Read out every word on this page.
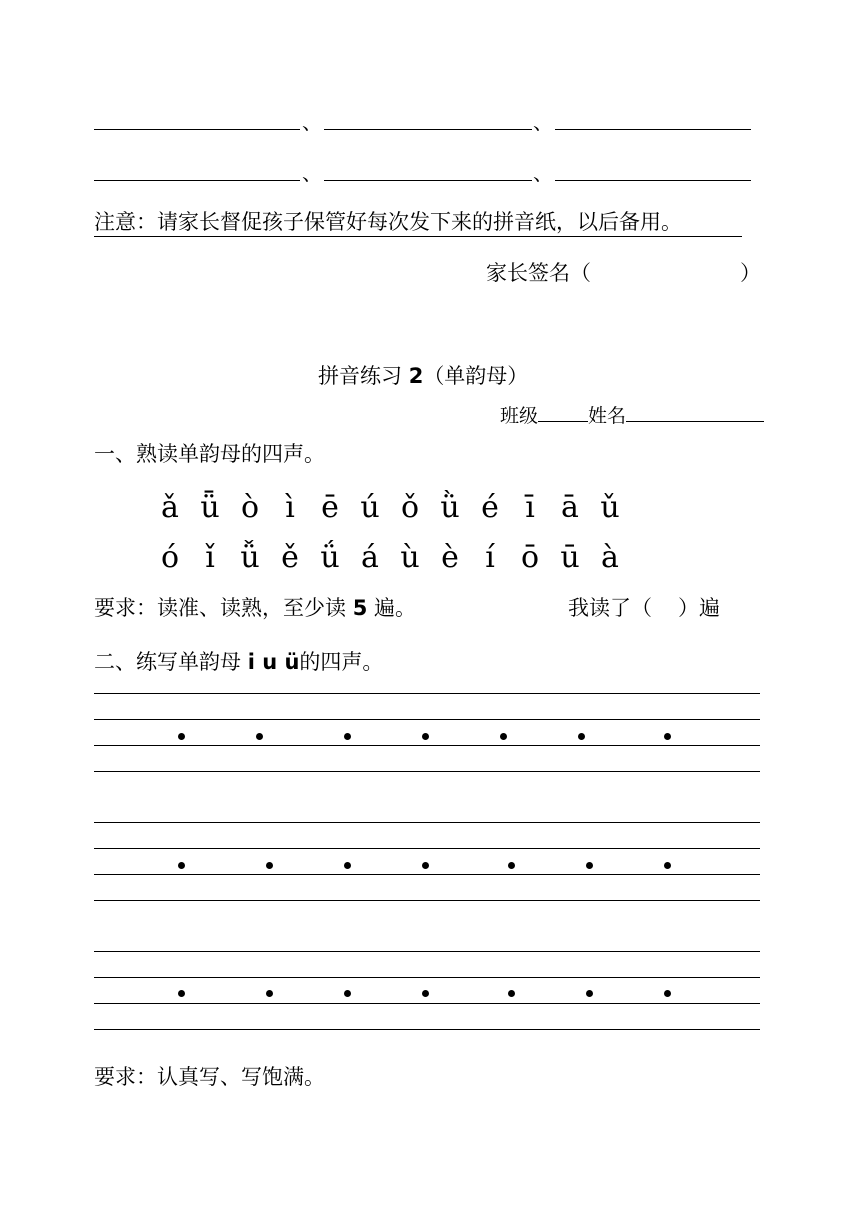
、	、
、	、
注意：请家长督促孩子保管好每次发下来的拼音纸，以后备用。
家长签名（	）
拼音练习 2（单韵母）
班级	姓名
一、熟读单韵母的四声。
ǎ ǖ ò ì ē ú ǒ ǜ é ī ā ǔ
ó ǐ ǚ ě ǘ á ù è í ō ū à
要求：读准、读熟，至少读 5 遍。	我读了（ ）遍
二、练写单韵母 i u ü的四声。
要求：认真写、写饱满。
